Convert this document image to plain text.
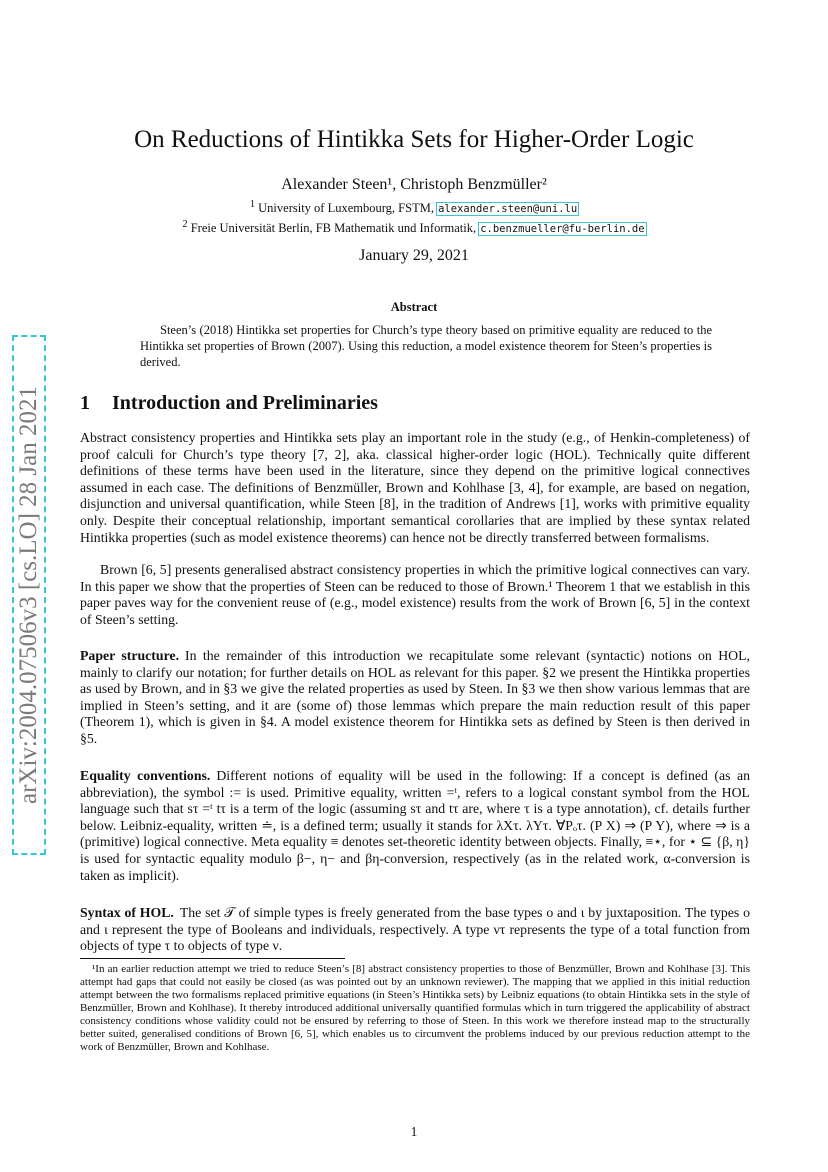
arXiv:2004.07506v3 [cs.LO] 28 Jan 2021
On Reductions of Hintikka Sets for Higher-Order Logic
Alexander Steen¹, Christoph Benzmüller²
$^1$ University of Luxembourg, FSTM, alexander.steen@uni.lu
$^2$ Freie Universität Berlin, FB Mathematik und Informatik, c.benzmueller@fu-berlin.de
January 29, 2021
Abstract
Steen’s (2018) Hintikka set properties for Church’s type theory based on primitive equality are reduced to the Hintikka set properties of Brown (2007). Using this reduction, a model existence theorem for Steen’s properties is derived.
1 Introduction and Preliminaries
Abstract consistency properties and Hintikka sets play an important role in the study (e.g., of Henkin-completeness) of proof calculi for Church’s type theory [7, 2], aka. classical higher-order logic (HOL). Technically quite different definitions of these terms have been used in the literature, since they depend on the primitive logical connectives assumed in each case. The definitions of Benzmüller, Brown and Kohlhase [3, 4], for example, are based on negation, disjunction and universal quantification, while Steen [8], in the tradition of Andrews [1], works with primitive equality only. Despite their conceptual relationship, important semantical corollaries that are implied by these syntax related Hintikka properties (such as model existence theorems) can hence not be directly transferred between formalisms.
Brown [6, 5] presents generalised abstract consistency properties in which the primitive logical connectives can vary. In this paper we show that the properties of Steen can be reduced to those of Brown.¹ Theorem 1 that we establish in this paper paves way for the convenient reuse of (e.g., model existence) results from the work of Brown [6, 5] in the context of Steen’s setting.
Paper structure. In the remainder of this introduction we recapitulate some relevant (syntactic) notions on HOL, mainly to clarify our notation; for further details on HOL as relevant for this paper. §2 we present the Hintikka properties as used by Brown, and in §3 we give the related properties as used by Steen. In §3 we then show various lemmas that are implied in Steen’s setting, and it are (some of) those lemmas which prepare the main reduction result of this paper (Theorem 1), which is given in §4. A model existence theorem for Hintikka sets as defined by Steen is then derived in §5.
Equality conventions. Different notions of equality will be used in the following: If a concept is defined (as an abbreviation), the symbol := is used. Primitive equality, written =ᵗ, refers to a logical constant symbol from the HOL language such that sτ =ᵗ tτ is a term of the logic (assuming sτ and tτ are, where τ is a type annotation), cf. details further below. Leibniz-equality, written ≐, is a defined term; usually it stands for λXτ. λYτ. ∀Pₒτ. (P X) ⇒ (P Y), where ⇒ is a (primitive) logical connective. Meta equality ≡ denotes set-theoretic identity between objects. Finally, ≡⋆, for ⋆ ⊆ {β, η} is used for syntactic equality modulo β−, η− and βη-conversion, respectively (as in the related work, α-conversion is taken as implicit).
Syntax of HOL. The set 𝒯 of simple types is freely generated from the base types o and ι by juxtaposition. The types o and ι represent the type of Booleans and individuals, respectively. A type ντ represents the type of a total function from objects of type τ to objects of type ν.
¹In an earlier reduction attempt we tried to reduce Steen’s [8] abstract consistency properties to those of Benzmüller, Brown and Kohlhase [3]. This attempt had gaps that could not easily be closed (as was pointed out by an unknown reviewer). The mapping that we applied in this initial reduction attempt between the two formalisms replaced primitive equations (in Steen’s Hintikka sets) by Leibniz equations (to obtain Hintikka sets in the style of Benzmüller, Brown and Kohlhase). It thereby introduced additional universally quantified formulas which in turn triggered the applicability of abstract consistency conditions whose validity could not be ensured by referring to those of Steen. In this work we therefore instead map to the structurally better suited, generalised conditions of Brown [6, 5], which enables us to circumvent the problems induced by our previous reduction attempt to the work of Benzmüller, Brown and Kohlhase.
1
